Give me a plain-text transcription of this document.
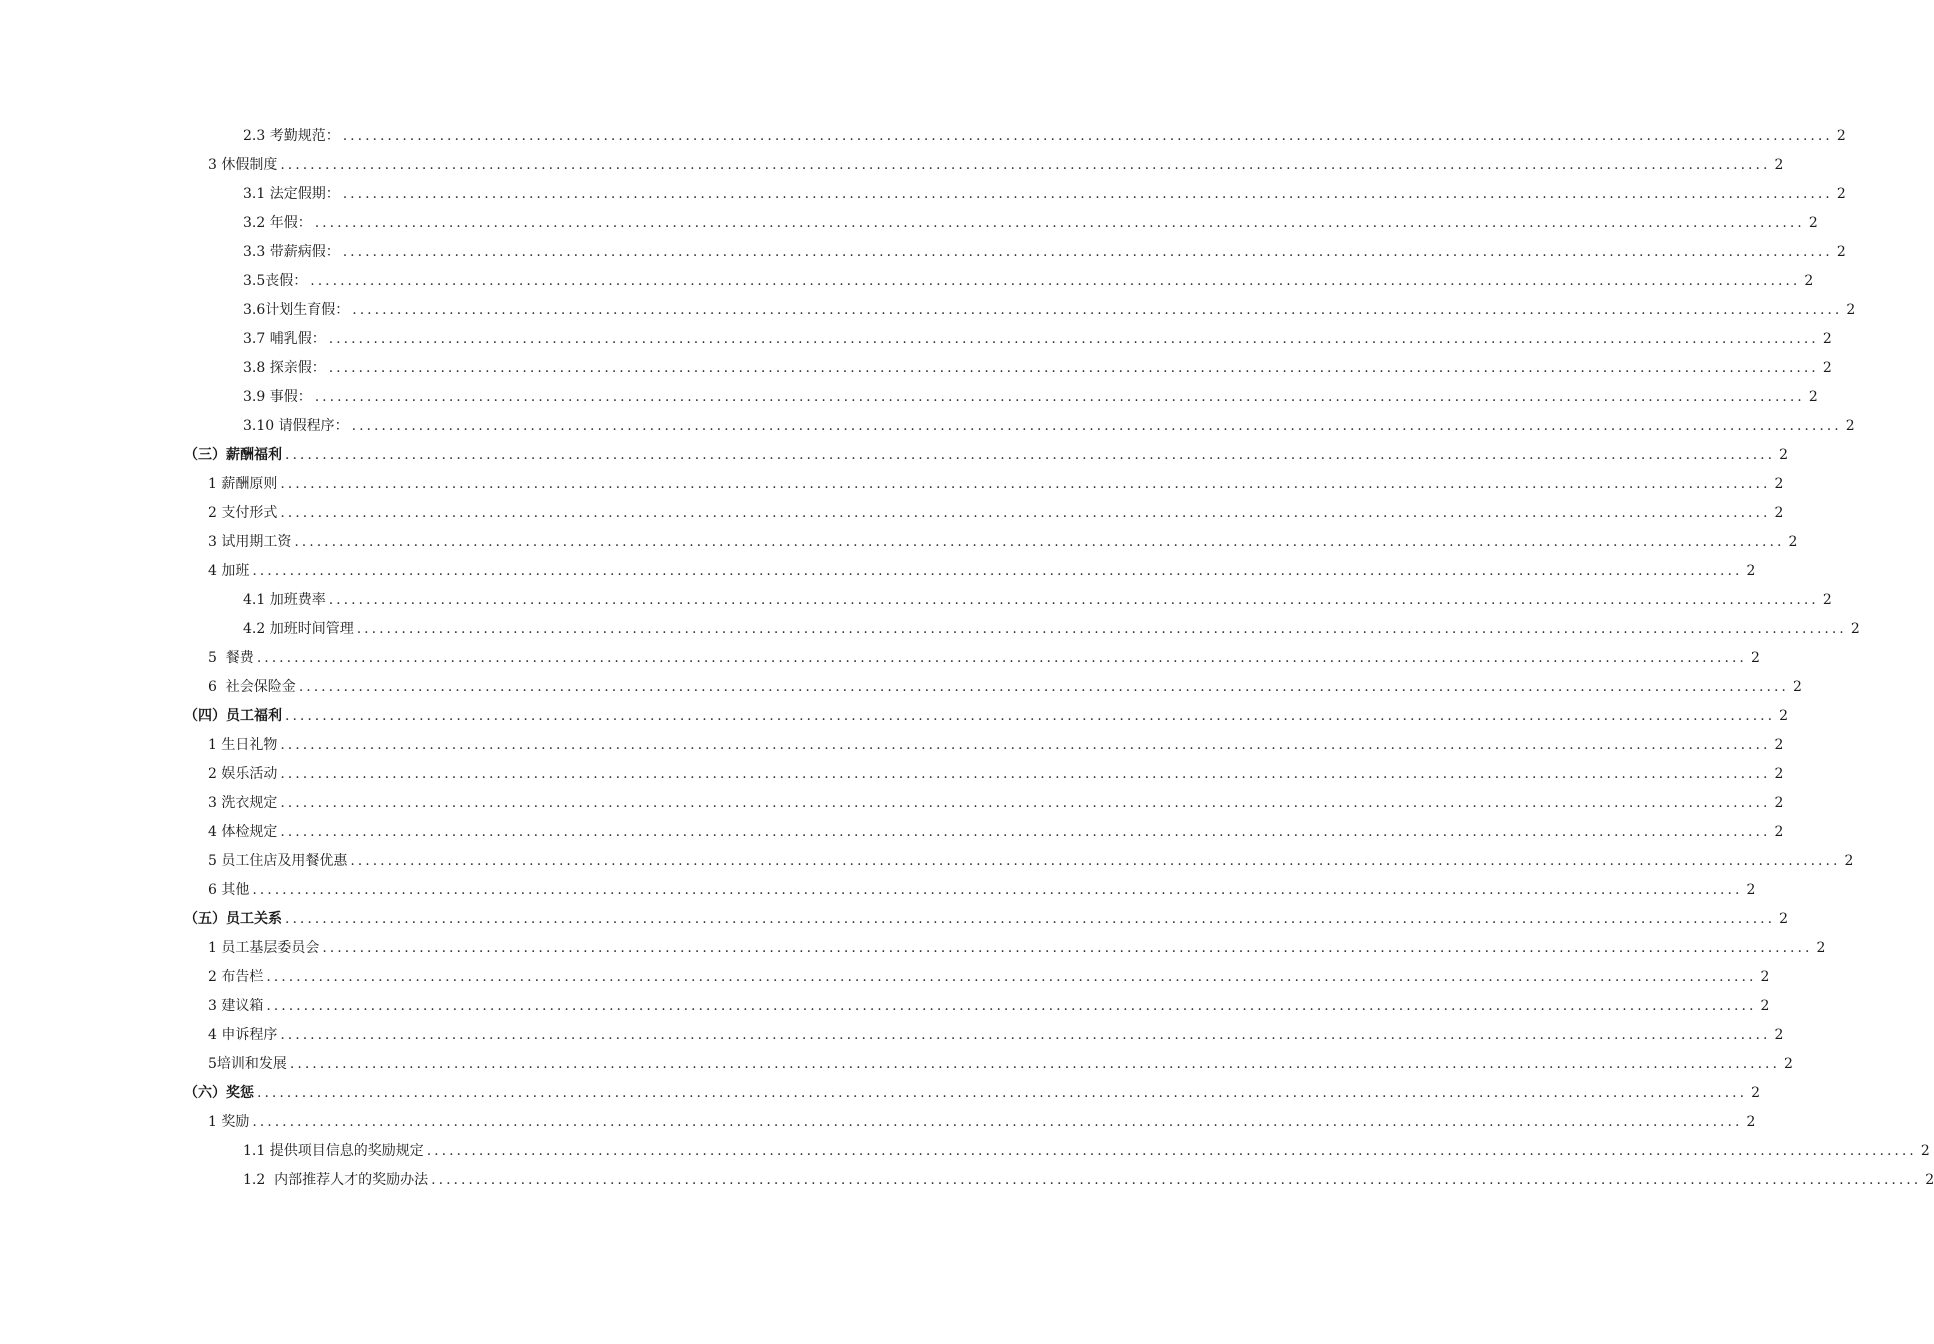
2.3 考勤规范： ........................................................................................................................................................................................................ 2
3 休假制度 ........................................................................................................................................................................................................ 2
3.1 法定假期： ........................................................................................................................................................................................................ 2
3.2 年假： ........................................................................................................................................................................................................ 2
3.3 带薪病假： ........................................................................................................................................................................................................ 2
3.5丧假： ........................................................................................................................................................................................................ 2
3.6计划生育假： ........................................................................................................................................................................................................ 2
3.7 哺乳假： ........................................................................................................................................................................................................ 2
3.8 探亲假： ........................................................................................................................................................................................................ 2
3.9 事假： ........................................................................................................................................................................................................ 2
3.10 请假程序： ........................................................................................................................................................................................................ 2
（三）薪酬福利 ........................................................................................................................................................................................................ 2
1 薪酬原则 ........................................................................................................................................................................................................ 2
2 支付形式 ........................................................................................................................................................................................................ 2
3 试用期工资 ........................................................................................................................................................................................................ 2
4 加班 ........................................................................................................................................................................................................ 2
4.1 加班费率 ........................................................................................................................................................................................................ 2
4.2 加班时间管理 ........................................................................................................................................................................................................ 2
5  餐费 ........................................................................................................................................................................................................ 2
6  社会保险金 ........................................................................................................................................................................................................ 2
（四）员工福利 ........................................................................................................................................................................................................ 2
1 生日礼物 ........................................................................................................................................................................................................ 2
2 娱乐活动 ........................................................................................................................................................................................................ 2
3 洗衣规定 ........................................................................................................................................................................................................ 2
4 体检规定 ........................................................................................................................................................................................................ 2
5 员工住店及用餐优惠 ........................................................................................................................................................................................................ 2
6 其他 ........................................................................................................................................................................................................ 2
（五）员工关系 ........................................................................................................................................................................................................ 2
1 员工基层委员会 ........................................................................................................................................................................................................ 2
2 布告栏 ........................................................................................................................................................................................................ 2
3 建议箱 ........................................................................................................................................................................................................ 2
4 申诉程序 ........................................................................................................................................................................................................ 2
5培训和发展 ........................................................................................................................................................................................................ 2
（六）奖惩 ........................................................................................................................................................................................................ 2
1 奖励 ........................................................................................................................................................................................................ 2
1.1 提供项目信息的奖励规定 ........................................................................................................................................................................................................ 2
1.2  内部推荐人才的奖励办法 ........................................................................................................................................................................................................ 2
